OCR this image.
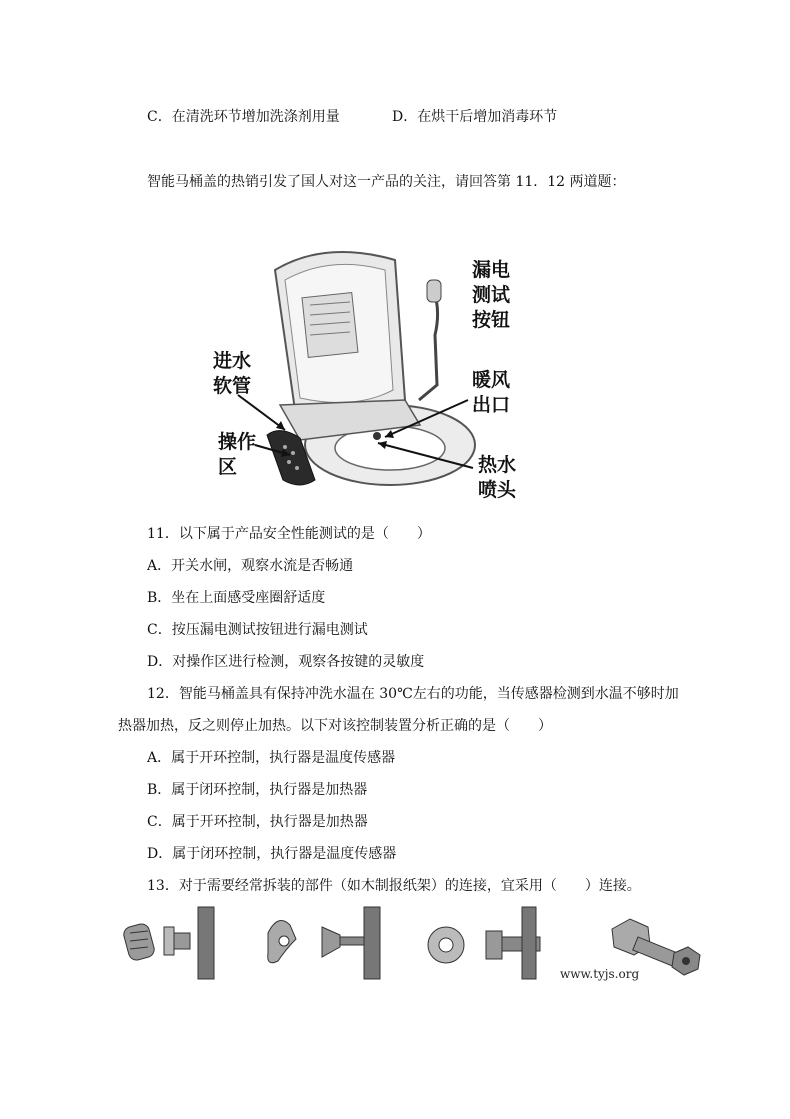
C．在清洗环节增加洗涤剂用量	D．在烘干后增加消毒环节
智能马桶盖的热销引发了国人对这一产品的关注，请回答第 11．12 两道题：
漏电
测试
按钮
进水
软管	暖风
出口
操作
区	热水
喷头
11．以下属于产品安全性能测试的是（　　）
A．开关水闸，观察水流是否畅通
B．坐在上面感受座圈舒适度
C．按压漏电测试按钮进行漏电测试
D．对操作区进行检测，观察各按键的灵敏度
12．智能马桶盖具有保持冲洗水温在 30℃左右的功能，当传感器检测到水温不够时加
热器加热，反之则停止加热。以下对该控制装置分析正确的是（　　）
A．属于开环控制，执行器是温度传感器
B．属于闭环控制，执行器是加热器
C．属于开环控制，执行器是加热器
D．属于闭环控制，执行器是温度传感器
13．对于需要经常拆装的部件（如木制报纸架）的连接，宜采用（　　）连接。
www.tyjs.org
